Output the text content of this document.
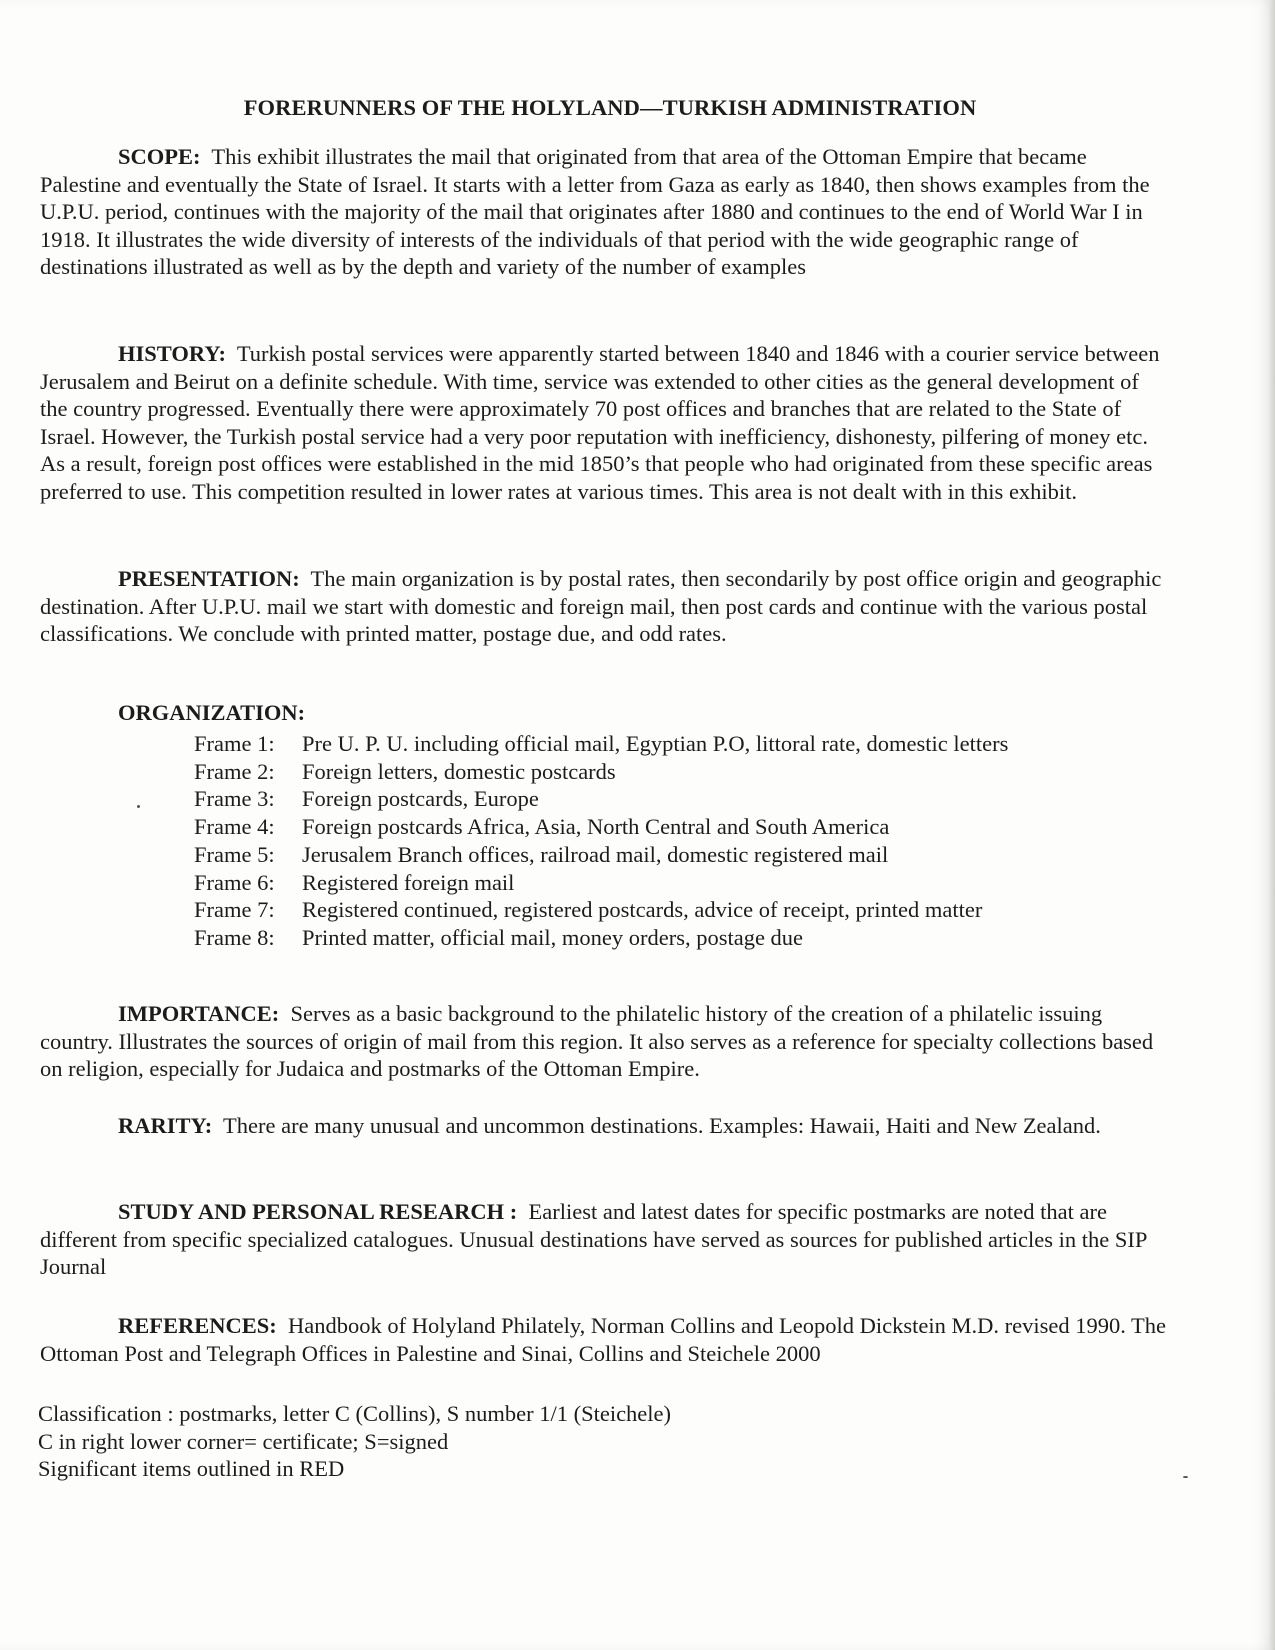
FORERUNNERS OF THE HOLYLAND—TURKISH ADMINISTRATION

SCOPE: This exhibit illustrates the mail that originated from that area of the Ottoman Empire that became Palestine and eventually the State of Israel. It starts with a letter from Gaza as early as 1840, then shows examples from the U.P.U. period, continues with the majority of the mail that originates after 1880 and continues to the end of World War I in 1918. It illustrates the wide diversity of interests of the individuals of that period with the wide geographic range of destinations illustrated as well as by the depth and variety of the number of examples

HISTORY: Turkish postal services were apparently started between 1840 and 1846 with a courier service between Jerusalem and Beirut on a definite schedule. With time, service was extended to other cities as the general development of the country progressed. Eventually there were approximately 70 post offices and branches that are related to the State of Israel. However, the Turkish postal service had a very poor reputation with inefficiency, dishonesty, pilfering of money etc. As a result, foreign post offices were established in the mid 1850’s that people who had originated from these specific areas preferred to use. This competition resulted in lower rates at various times. This area is not dealt with in this exhibit.

PRESENTATION: The main organization is by postal rates, then secondarily by post office origin and geographic destination. After U.P.U. mail we start with domestic and foreign mail, then post cards and continue with the various postal classifications. We conclude with printed matter, postage due, and odd rates.

ORGANIZATION:
Frame 1: Pre U. P. U. including official mail, Egyptian P.O, littoral rate, domestic letters
Frame 2: Foreign letters, domestic postcards
Frame 3: Foreign postcards, Europe
Frame 4: Foreign postcards Africa, Asia, North Central and South America
Frame 5: Jerusalem Branch offices, railroad mail, domestic registered mail
Frame 6: Registered foreign mail
Frame 7: Registered continued, registered postcards, advice of receipt, printed matter
Frame 8: Printed matter, official mail, money orders, postage due

IMPORTANCE: Serves as a basic background to the philatelic history of the creation of a philatelic issuing country. Illustrates the sources of origin of mail from this region. It also serves as a reference for specialty collections based on religion, especially for Judaica and postmarks of the Ottoman Empire.

RARITY: There are many unusual and uncommon destinations. Examples: Hawaii, Haiti and New Zealand.

STUDY AND PERSONAL RESEARCH : Earliest and latest dates for specific postmarks are noted that are different from specific specialized catalogues. Unusual destinations have served as sources for published articles in the SIP Journal

REFERENCES: Handbook of Holyland Philately, Norman Collins and Leopold Dickstein M.D. revised 1990. The Ottoman Post and Telegraph Offices in Palestine and Sinai, Collins and Steichele 2000

Classification : postmarks, letter C (Collins), S number 1/1 (Steichele)
C in right lower corner= certificate; S=signed
Significant items outlined in RED
